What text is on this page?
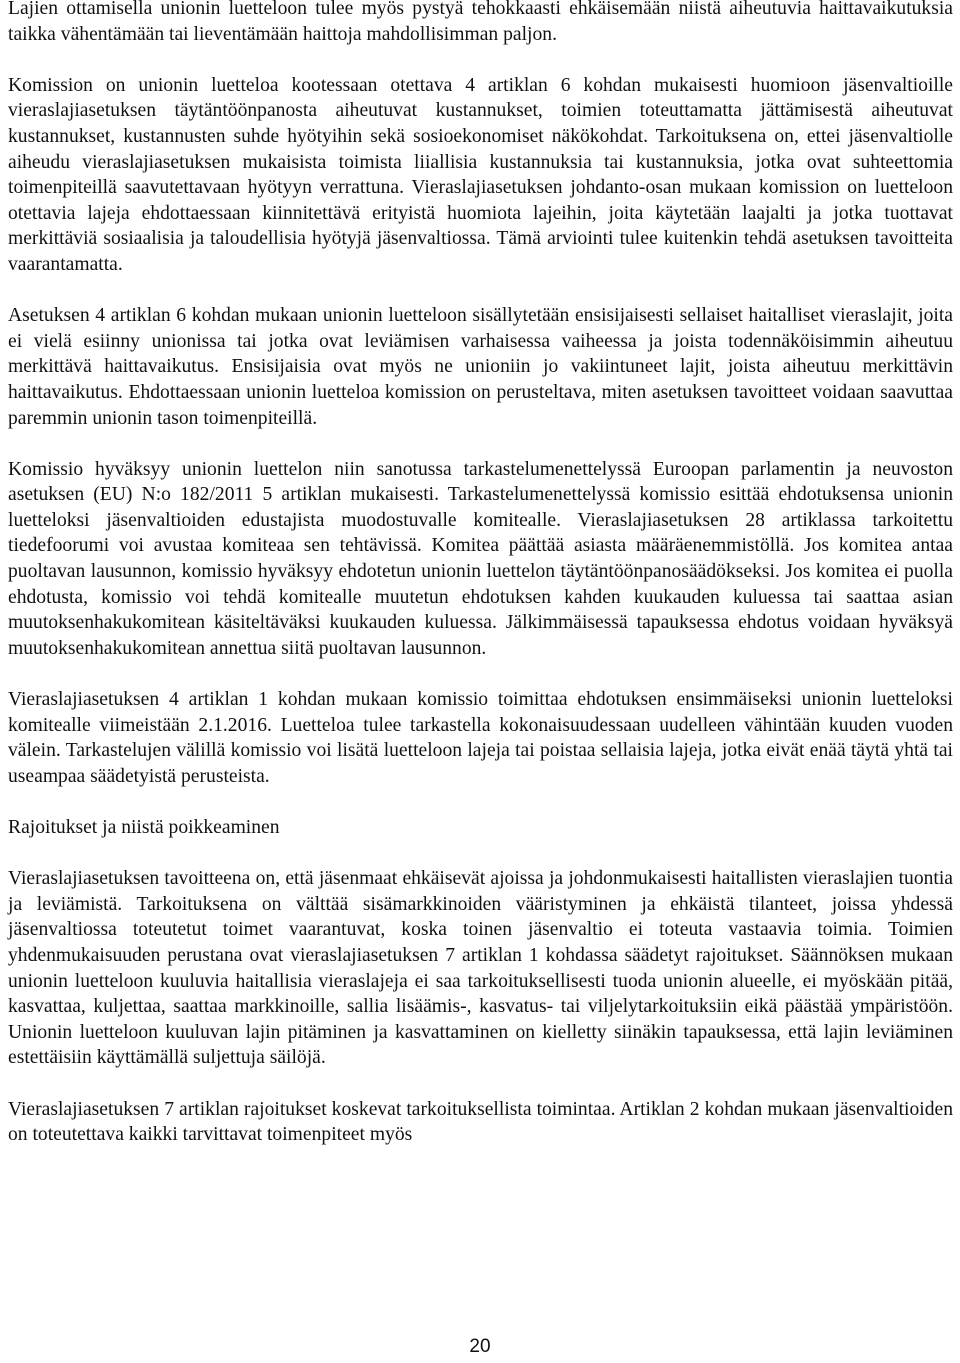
Lajien ottamisella unionin luetteloon tulee myös pystyä tehokkaasti ehkäisemään niistä aiheutuvia haittavaikutuksia taikka vähentämään tai lieventämään haittoja mahdollisimman paljon.

Komission on unionin luetteloa kootessaan otettava 4 artiklan 6 kohdan mukaisesti huomioon jäsenvaltioille vieraslajiasetuksen täytäntöönpanosta aiheutuvat kustannukset, toimien toteuttamatta jättämisestä aiheutuvat kustannukset, kustannusten suhde hyötyihin sekä sosioekonomiset näkökohdat. Tarkoituksena on, ettei jäsenvaltiolle aiheudu vieraslajiasetuksen mukaisista toimista liiallisia kustannuksia tai kustannuksia, jotka ovat suhteettomia toimenpiteillä saavutettavaan hyötyyn verrattuna. Vieraslajiasetuksen johdanto-osan mukaan komission on luetteloon otettavia lajeja ehdottaessaan kiinnitettävä erityistä huomiota lajeihin, joita käytetään laajalti ja jotka tuottavat merkittäviä sosiaalisia ja taloudellisia hyötyjä jäsenvaltiossa. Tämä arviointi tulee kuitenkin tehdä asetuksen tavoitteita vaarantamatta.

Asetuksen 4 artiklan 6 kohdan mukaan unionin luetteloon sisällytetään ensisijaisesti sellaiset haitalliset vieraslajit, joita ei vielä esiinny unionissa tai jotka ovat leviämisen varhaisessa vaiheessa ja joista todennäköisimmin aiheutuu merkittävä haittavaikutus. Ensisijaisia ovat myös ne unioniin jo vakiintuneet lajit, joista aiheutuu merkittävin haittavaikutus. Ehdottaessaan unionin luetteloa komission on perusteltava, miten asetuksen tavoitteet voidaan saavuttaa paremmin unionin tason toimenpiteillä.

Komissio hyväksyy unionin luettelon niin sanotussa tarkastelumenettelyssä Euroopan parlamentin ja neuvoston asetuksen (EU) N:o 182/2011 5 artiklan mukaisesti. Tarkastelumenettelyssä komissio esittää ehdotuksensa unionin luetteloksi jäsenvaltioiden edustajista muodostuvalle komitealle. Vieraslajiasetuksen 28 artiklassa tarkoitettu tiedefoorumi voi avustaa komiteaa sen tehtävissä. Komitea päättää asiasta määräenemmistöllä. Jos komitea antaa puoltavan lausunnon, komissio hyväksyy ehdotetun unionin luettelon täytäntöönpanosäädökseksi. Jos komitea ei puolla ehdotusta, komissio voi tehdä komitealle muutetun ehdotuksen kahden kuukauden kuluessa tai saattaa asian muutoksenhakukomitean käsiteltäväksi kuukauden kuluessa. Jälkimmäisessä tapauksessa ehdotus voidaan hyväksyä muutoksenhakukomitean annettua siitä puoltavan lausunnon.

Vieraslajiasetuksen 4 artiklan 1 kohdan mukaan komissio toimittaa ehdotuksen ensimmäiseksi unionin luetteloksi komitealle viimeistään 2.1.2016. Luetteloa tulee tarkastella kokonaisuudessaan uudelleen vähintään kuuden vuoden välein. Tarkastelujen välillä komissio voi lisätä luetteloon lajeja tai poistaa sellaisia lajeja, jotka eivät enää täytä yhtä tai useampaa säädetyistä perusteista.

Rajoitukset ja niistä poikkeaminen

Vieraslajiasetuksen tavoitteena on, että jäsenmaat ehkäisevät ajoissa ja johdonmukaisesti haitallisten vieraslajien tuontia ja leviämistä. Tarkoituksena on välttää sisämarkkinoiden vääristyminen ja ehkäistä tilanteet, joissa yhdessä jäsenvaltiossa toteutetut toimet vaarantuvat, koska toinen jäsenvaltio ei toteuta vastaavia toimia. Toimien yhdenmukaisuuden perustana ovat vieraslajiasetuksen 7 artiklan 1 kohdassa säädetyt rajoitukset. Säännöksen mukaan unionin luetteloon kuuluvia haitallisia vieraslajeja ei saa tarkoituksellisesti tuoda unionin alueelle, ei myöskään pitää, kasvattaa, kuljettaa, saattaa markkinoille, sallia lisäämis-, kasvatus- tai viljelytarkoituksiin eikä päästää ympäristöön. Unionin luetteloon kuuluvan lajin pitäminen ja kasvattaminen on kielletty siinäkin tapauksessa, että lajin leviäminen estettäisiin käyttämällä suljettuja säilöjä.

Vieraslajiasetuksen 7 artiklan rajoitukset koskevat tarkoituksellista toimintaa. Artiklan 2 kohdan mukaan jäsenvaltioiden on toteutettava kaikki tarvittavat toimenpiteet myös

20
